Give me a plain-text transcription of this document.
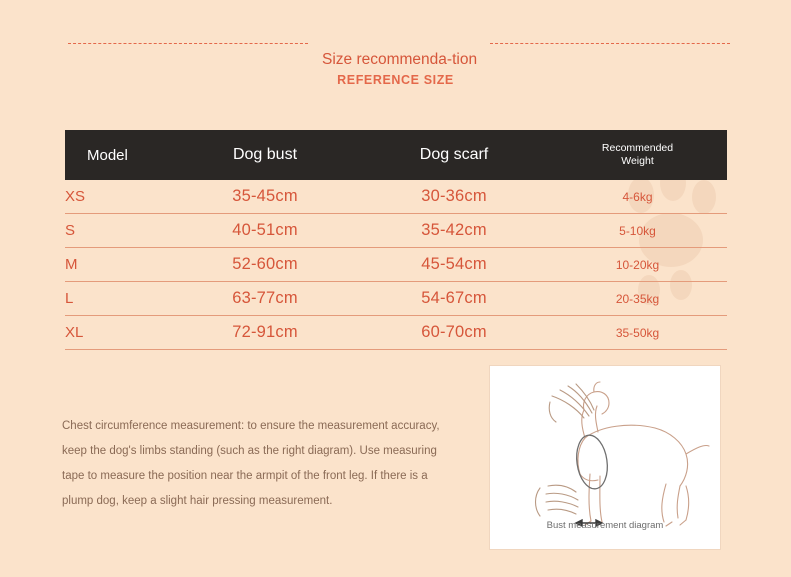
Size recommenda-tion
REFERENCE SIZE
Model	Dog bust	Dog scarf	Recommended
Weight

XS	35-45cm	30-36cm	4-6kg
S	40-51cm	35-42cm	5-10kg
M	52-60cm	45-54cm	10-20kg
L	63-77cm	54-67cm	20-35kg
XL	72-91cm	60-70cm	35-50kg
Chest circumference measurement: to ensure the measurement accuracy, keep the dog's limbs standing (such as the right diagram). Use measuring tape to measure the position near the armpit of the front leg. If there is a plump dog, keep a slight hair pressing measurement.
Bust measurement diagram
